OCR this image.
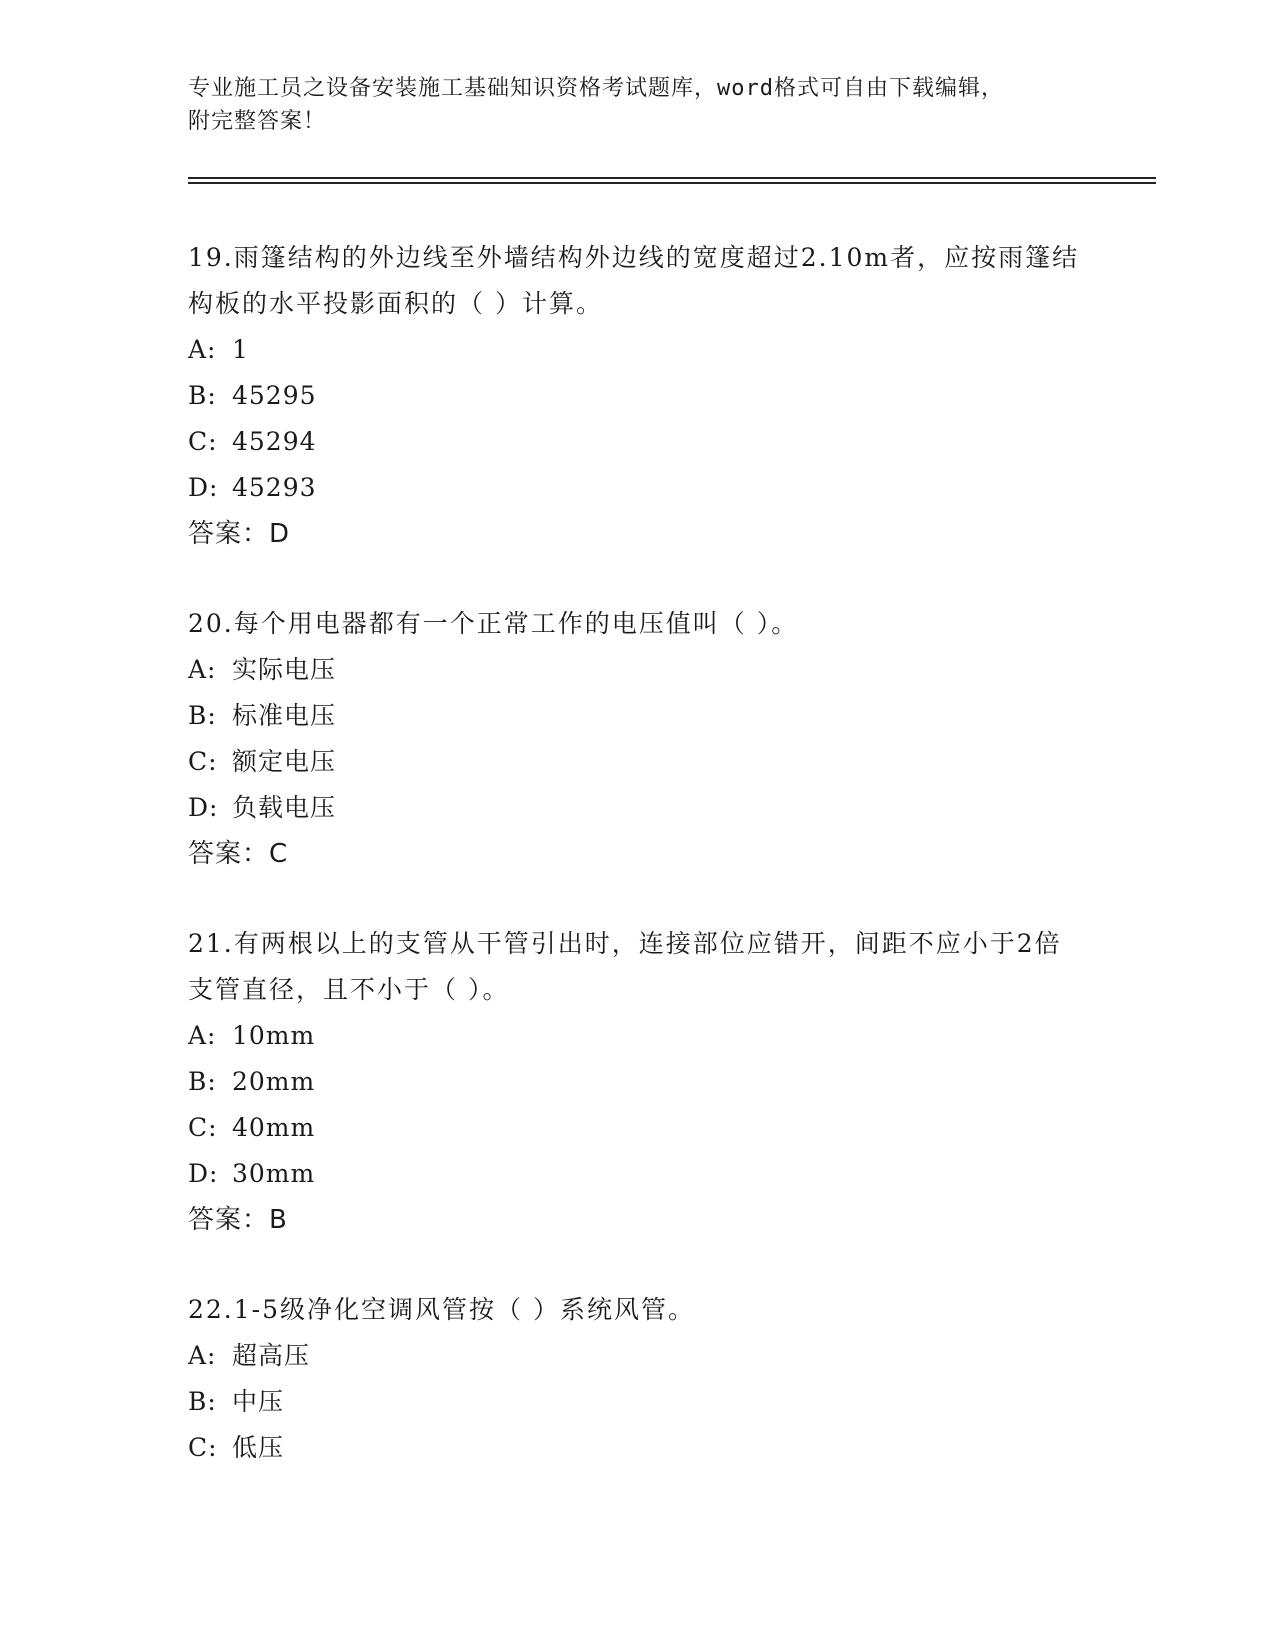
专业施工员之设备安装施工基础知识资格考试题库，word格式可自由下载编辑，
附完整答案！

19.雨篷结构的外边线至外墙结构外边线的宽度超过2.10m者，应按雨篷结构板的水平投影面积的（ ）计算。

A: 1

B: 45295

C: 45294

D: 45293

答案：D

20.每个用电器都有一个正常工作的电压值叫（ ）。

A: 实际电压

B: 标准电压

C: 额定电压

D: 负载电压

答案：C

21.有两根以上的支管从干管引出时，连接部位应错开，间距不应小于2倍支管直径，且不小于（ ）。

A: 10mm

B: 20mm

C: 40mm

D: 30mm

答案：B

22.1-5级净化空调风管按（ ）系统风管。

A: 超高压

B: 中压

C: 低压
